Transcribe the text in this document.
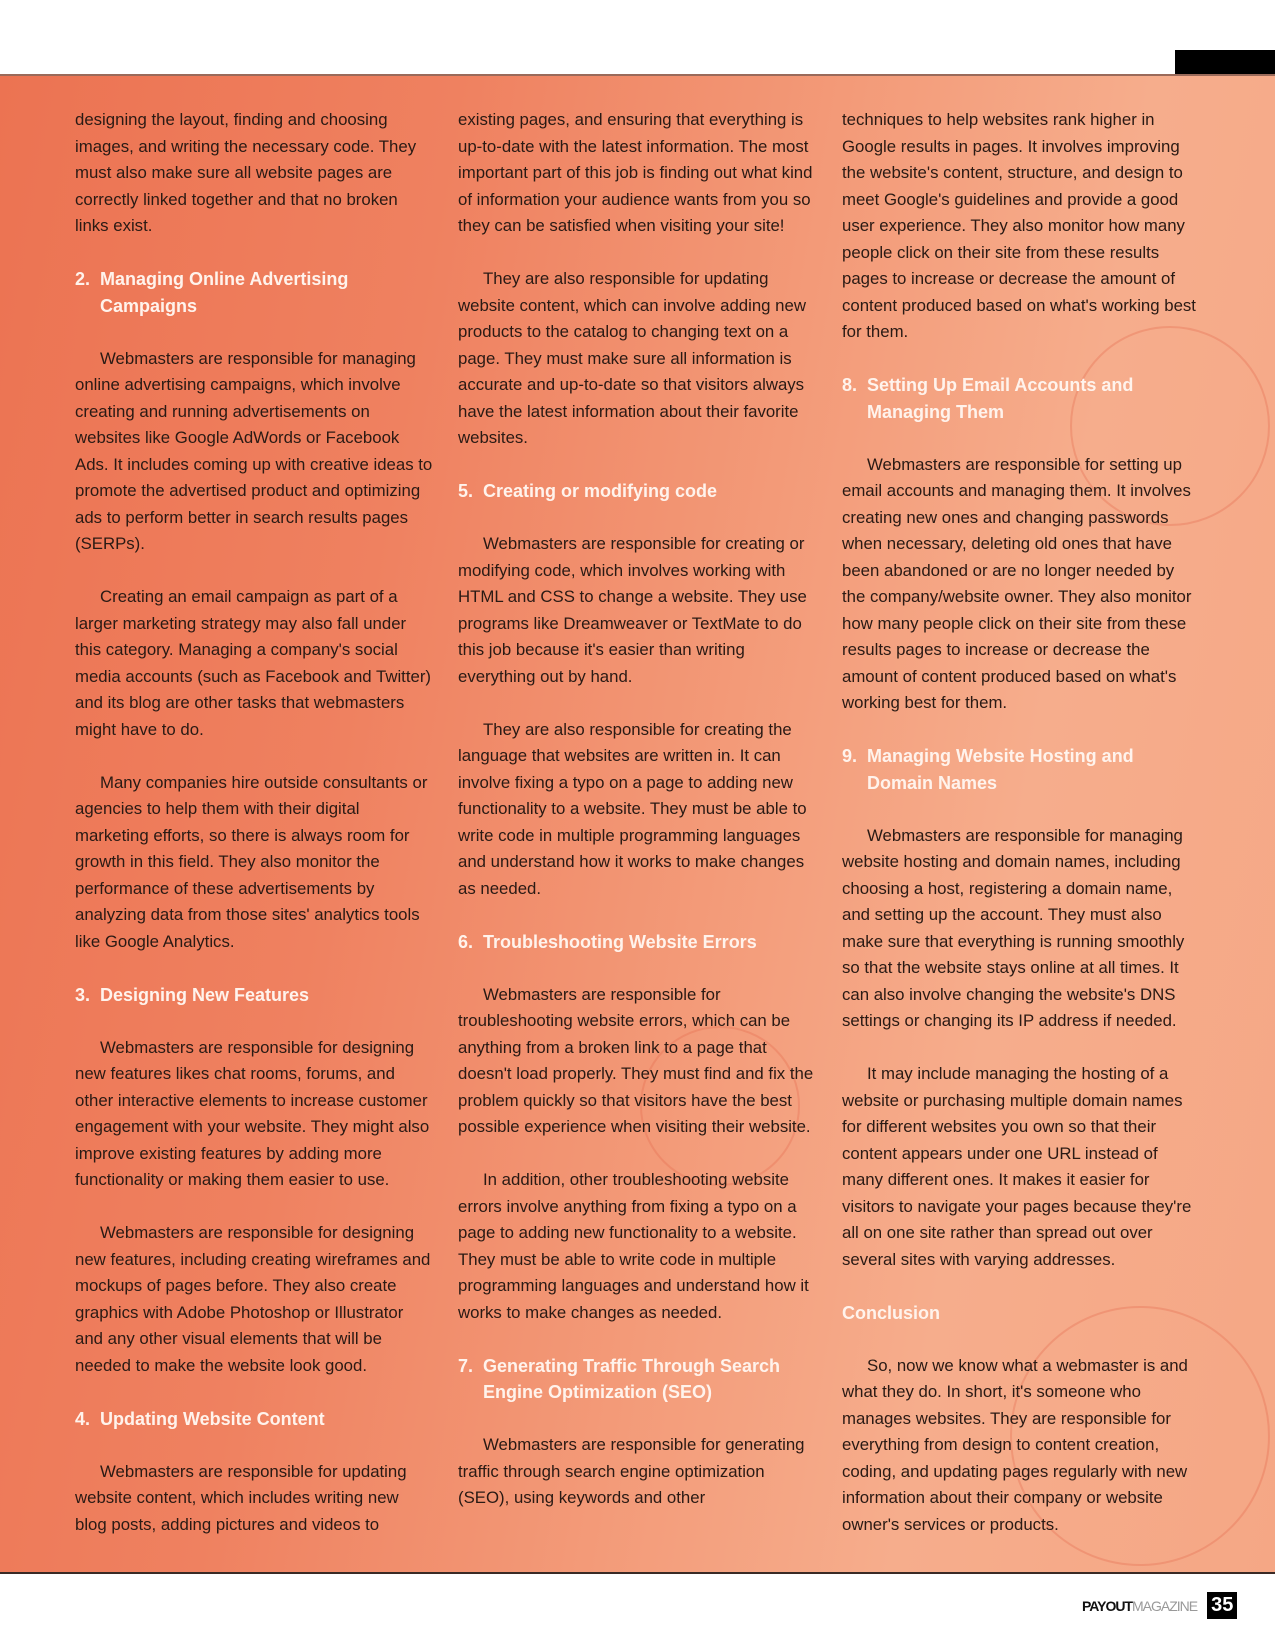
designing the layout, finding and choosing images, and writing the necessary code. They must also make sure all website pages are correctly linked together and that no broken links exist.

2. Managing Online Advertising Campaigns

Webmasters are responsible for managing online advertising campaigns, which involve creating and running advertisements on websites like Google AdWords or Facebook Ads. It includes coming up with creative ideas to promote the advertised product and optimizing ads to perform better in search results pages (SERPs).

Creating an email campaign as part of a larger marketing strategy may also fall under this category. Managing a company's social media accounts (such as Facebook and Twitter) and its blog are other tasks that webmasters might have to do.

Many companies hire outside consultants or agencies to help them with their digital marketing efforts, so there is always room for growth in this field. They also monitor the performance of these advertisements by analyzing data from those sites' analytics tools like Google Analytics.

3. Designing New Features

Webmasters are responsible for designing new features likes chat rooms, forums, and other interactive elements to increase customer engagement with your website. They might also improve existing features by adding more functionality or making them easier to use.

Webmasters are responsible for designing new features, including creating wireframes and mockups of pages before. They also create graphics with Adobe Photoshop or Illustrator and any other visual elements that will be needed to make the website look good.

4. Updating Website Content

Webmasters are responsible for updating website content, which includes writing new blog posts, adding pictures and videos to

existing pages, and ensuring that everything is up-to-date with the latest information. The most important part of this job is finding out what kind of information your audience wants from you so they can be satisfied when visiting your site!

They are also responsible for updating website content, which can involve adding new products to the catalog to changing text on a page. They must make sure all information is accurate and up-to-date so that visitors always have the latest information about their favorite websites.

5. Creating or modifying code

Webmasters are responsible for creating or modifying code, which involves working with HTML and CSS to change a website. They use programs like Dreamweaver or TextMate to do this job because it's easier than writing everything out by hand.

They are also responsible for creating the language that websites are written in. It can involve fixing a typo on a page to adding new functionality to a website. They must be able to write code in multiple programming languages and understand how it works to make changes as needed.

6. Troubleshooting Website Errors

Webmasters are responsible for troubleshooting website errors, which can be anything from a broken link to a page that doesn't load properly. They must find and fix the problem quickly so that visitors have the best possible experience when visiting their website.

In addition, other troubleshooting website errors involve anything from fixing a typo on a page to adding new functionality to a website. They must be able to write code in multiple programming languages and understand how it works to make changes as needed.

7. Generating Traffic Through Search Engine Optimization (SEO)

Webmasters are responsible for generating traffic through search engine optimization (SEO), using keywords and other

techniques to help websites rank higher in Google results in pages. It involves improving the website's content, structure, and design to meet Google's guidelines and provide a good user experience. They also monitor how many people click on their site from these results pages to increase or decrease the amount of content produced based on what's working best for them.

8. Setting Up Email Accounts and Managing Them

Webmasters are responsible for setting up email accounts and managing them. It involves creating new ones and changing passwords when necessary, deleting old ones that have been abandoned or are no longer needed by the company/website owner. They also monitor how many people click on their site from these results pages to increase or decrease the amount of content produced based on what's working best for them.

9. Managing Website Hosting and Domain Names

Webmasters are responsible for managing website hosting and domain names, including choosing a host, registering a domain name, and setting up the account. They must also make sure that everything is running smoothly so that the website stays online at all times. It can also involve changing the website's DNS settings or changing its IP address if needed.

It may include managing the hosting of a website or purchasing multiple domain names for different websites you own so that their content appears under one URL instead of many different ones. It makes it easier for visitors to navigate your pages because they're all on one site rather than spread out over several sites with varying addresses.

Conclusion

So, now we know what a webmaster is and what they do. In short, it's someone who manages websites. They are responsible for everything from design to content creation, coding, and updating pages regularly with new information about their company or website owner's services or products.

PAYOUTMAGAZINE 35
